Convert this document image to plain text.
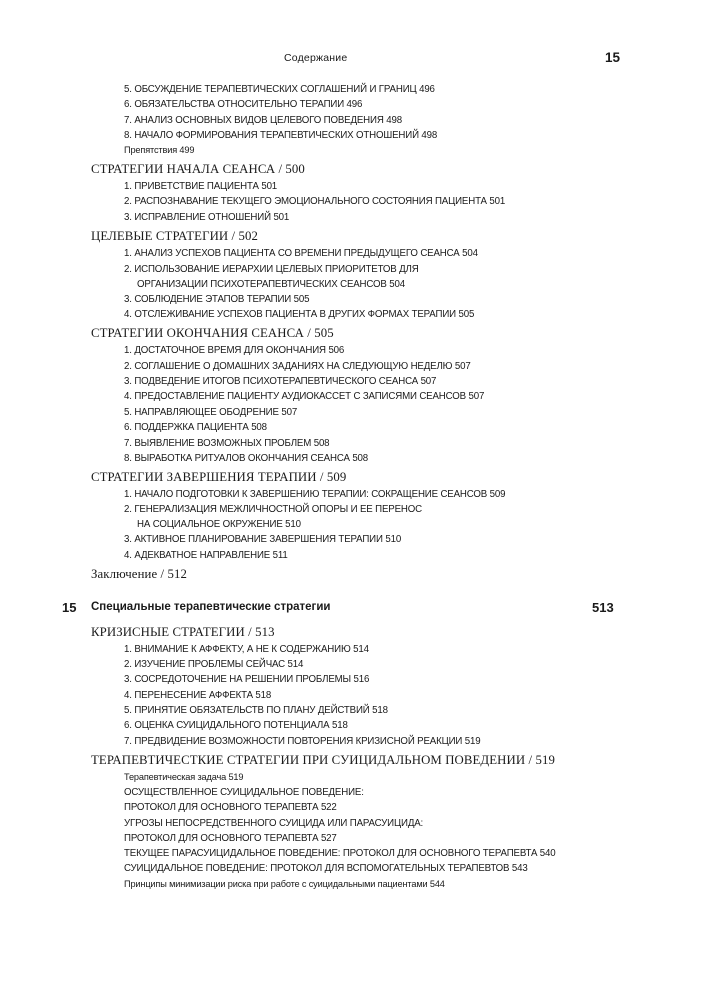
Содержание	15
5. ОБСУЖДЕНИЕ ТЕРАПЕВТИЧЕСКИХ СОГЛАШЕНИЙ И ГРАНИЦ 496
6. ОБЯЗАТЕЛЬСТВА ОТНОСИТЕЛЬНО ТЕРАПИИ 496
7. АНАЛИЗ ОСНОВНЫХ ВИДОВ ЦЕЛЕВОГО ПОВЕДЕНИЯ 498
8. НАЧАЛО ФОРМИРОВАНИЯ ТЕРАПЕВТИЧЕСКИХ ОТНОШЕНИЙ 498
Препятствия 499
СТРАТЕГИИ НАЧАЛА СЕАНСА / 500
1. ПРИВЕТСТВИЕ ПАЦИЕНТА 501
2. РАСПОЗНАВАНИЕ ТЕКУЩЕГО ЭМОЦИОНАЛЬНОГО СОСТОЯНИЯ ПАЦИЕНТА 501
3. ИСПРАВЛЕНИЕ ОТНОШЕНИЙ 501
ЦЕЛЕВЫЕ СТРАТЕГИИ / 502
1. АНАЛИЗ УСПЕХОВ ПАЦИЕНТА СО ВРЕМЕНИ ПРЕДЫДУЩЕГО СЕАНСА 504
2. ИСПОЛЬЗОВАНИЕ ИЕРАРХИИ ЦЕЛЕВЫХ ПРИОРИТЕТОВ ДЛЯ
ОРГАНИЗАЦИИ ПСИХОТЕРАПЕВТИЧЕСКИХ СЕАНСОВ 504
3. СОБЛЮДЕНИЕ ЭТАПОВ ТЕРАПИИ 505
4. ОТСЛЕЖИВАНИЕ УСПЕХОВ ПАЦИЕНТА В ДРУГИХ ФОРМАХ ТЕРАПИИ 505
СТРАТЕГИИ ОКОНЧАНИЯ СЕАНСА / 505
1. ДОСТАТОЧНОЕ ВРЕМЯ ДЛЯ ОКОНЧАНИЯ 506
2. СОГЛАШЕНИЕ О ДОМАШНИХ ЗАДАНИЯХ НА СЛЕДУЮЩУЮ НЕДЕЛЮ 507
3. ПОДВЕДЕНИЕ ИТОГОВ ПСИХОТЕРАПЕВТИЧЕСКОГО СЕАНСА 507
4. ПРЕДОСТАВЛЕНИЕ ПАЦИЕНТУ АУДИОКАССЕТ С ЗАПИСЯМИ СЕАНСОВ 507
5. НАПРАВЛЯЮЩЕЕ ОБОДРЕНИЕ 507
6. ПОДДЕРЖКА ПАЦИЕНТА 508
7. ВЫЯВЛЕНИЕ ВОЗМОЖНЫХ ПРОБЛЕМ 508
8. ВЫРАБОТКА РИТУАЛОВ ОКОНЧАНИЯ СЕАНСА 508
СТРАТЕГИИ ЗАВЕРШЕНИЯ ТЕРАПИИ / 509
1. НАЧАЛО ПОДГОТОВКИ К ЗАВЕРШЕНИЮ ТЕРАПИИ: СОКРАЩЕНИЕ СЕАНСОВ 509
2. ГЕНЕРАЛИЗАЦИЯ МЕЖЛИЧНОСТНОЙ ОПОРЫ И ЕЕ ПЕРЕНОС
НА СОЦИАЛЬНОЕ ОКРУЖЕНИЕ 510
3. АКТИВНОЕ ПЛАНИРОВАНИЕ ЗАВЕРШЕНИЯ ТЕРАПИИ 510
4. АДЕКВАТНОЕ НАПРАВЛЕНИЕ 511
Заключение / 512
15 Специальные терапевтические стратегии	513
КРИЗИСНЫЕ СТРАТЕГИИ / 513
1. ВНИМАНИЕ К АФФЕКТУ, А НЕ К СОДЕРЖАНИЮ 514
2. ИЗУЧЕНИЕ ПРОБЛЕМЫ СЕЙЧАС 514
3. СОСРЕДОТОЧЕНИЕ НА РЕШЕНИИ ПРОБЛЕМЫ 516
4. ПЕРЕНЕСЕНИЕ АФФЕКТА 518
5. ПРИНЯТИЕ ОБЯЗАТЕЛЬСТВ ПО ПЛАНУ ДЕЙСТВИЙ 518
6. ОЦЕНКА СУИЦИДАЛЬНОГО ПОТЕНЦИАЛА 518
7. ПРЕДВИДЕНИЕ ВОЗМОЖНОСТИ ПОВТОРЕНИЯ КРИЗИСНОЙ РЕАКЦИИ 519
ТЕРАПЕВТИЧЕСТКИЕ СТРАТЕГИИ ПРИ СУИЦИДАЛЬНОМ ПОВЕДЕНИИ / 519
Терапевтическая задача 519
ОСУЩЕСТВЛЕННОЕ СУИЦИДАЛЬНОЕ ПОВЕДЕНИЕ:
ПРОТОКОЛ ДЛЯ ОСНОВНОГО ТЕРАПЕВТА 522
УГРОЗЫ НЕПОСРЕДСТВЕННОГО СУИЦИДА ИЛИ ПАРАСУИЦИДА:
ПРОТОКОЛ ДЛЯ ОСНОВНОГО ТЕРАПЕВТА 527
ТЕКУЩЕЕ ПАРАСУИЦИДАЛЬНОЕ ПОВЕДЕНИЕ: ПРОТОКОЛ ДЛЯ ОСНОВНОГО ТЕРАПЕВТА 540
СУИЦИДАЛЬНОЕ ПОВЕДЕНИЕ: ПРОТОКОЛ ДЛЯ ВСПОМОГАТЕЛЬНЫХ ТЕРАПЕВТОВ 543
Принципы минимизации риска при работе с суицидальными пациентами 544
